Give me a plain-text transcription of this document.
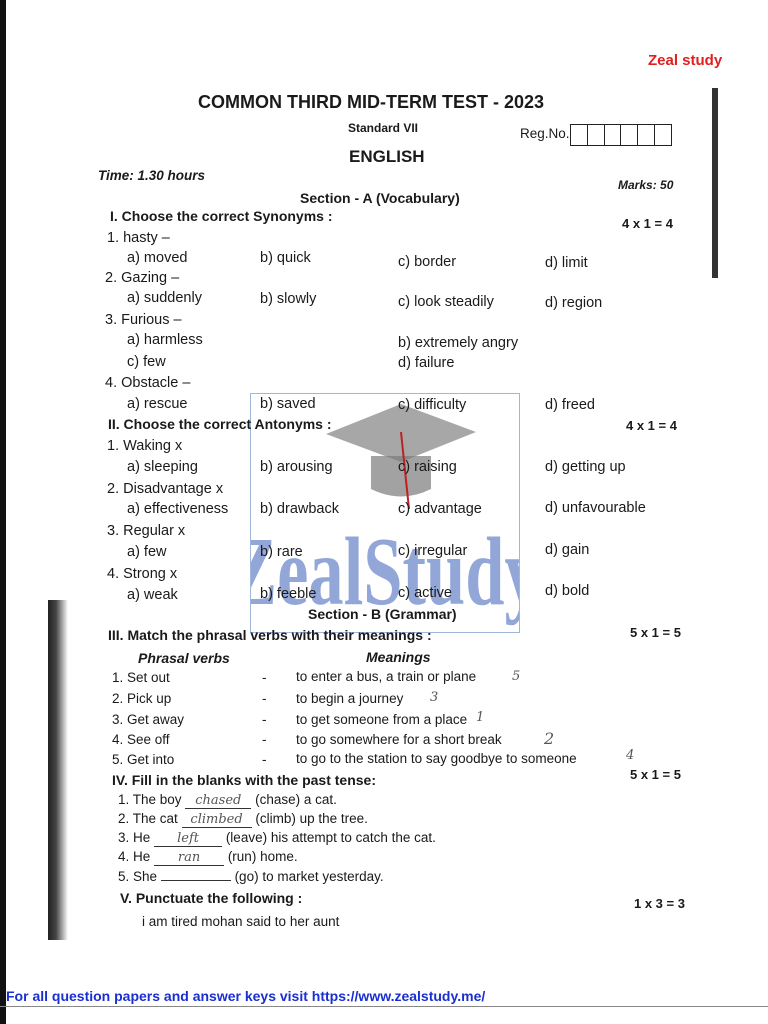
ealStud
Zeal study
COMMON THIRD MID-TERM TEST - 2023
Standard VII	Reg.No.
ENGLISH
Time: 1.30 hours
Marks: 50
Section - A (Vocabulary)
I. Choose the correct Synonyms :	4 x 1 = 4
1. hasty –
a) moved	b) quick	c) border	d) limit
2. Gazing –
a) suddenly	b) slowly	c) look steadily	d) region
3. Furious –
a) harmless	b) extremely angry
c) few	d) failure
4. Obstacle –
a) rescue	b) saved	c) difficulty	d) freed
II. Choose the correct Antonyms :	4 x 1 = 4
1. Waking x
a) sleeping	b) arousing	c) raising	d) getting up
2. Disadvantage x
a) effectiveness b) drawback	c) advantage	d) unfavourable
3. Regular x
a) few	b) rare	c) irregular	d) gain
4. Strong x
a) weak	b) feeble	c) active	d) bold
Section - B (Grammar)
III. Match the phrasal verbs with their meanings :	5 x 1 = 5
Phrasal verbs	Meanings
1. Set out	- to enter a bus, a train or plane	5
2. Pick up	- to begin a journey 3
3. Get away	- to get someone from a place 1
4. See off	- to go somewhere for a short break	2
5. Get into	- to go to the station to say goodbye to someone	4
IV. Fill in the blanks with the past tense:	5 x 1 = 5
1. The boy chased (chase) a cat.
2. The cat climbed (climb) up the tree.
3. He left (leave) his attempt to catch the cat.
4. He ran (run) home.
5. She	(go) to market yesterday.
V. Punctuate the following :	1 x 3 = 3
i am tired mohan said to her aunt
For all question papers and answer keys visit https://www.zealstudy.me/
